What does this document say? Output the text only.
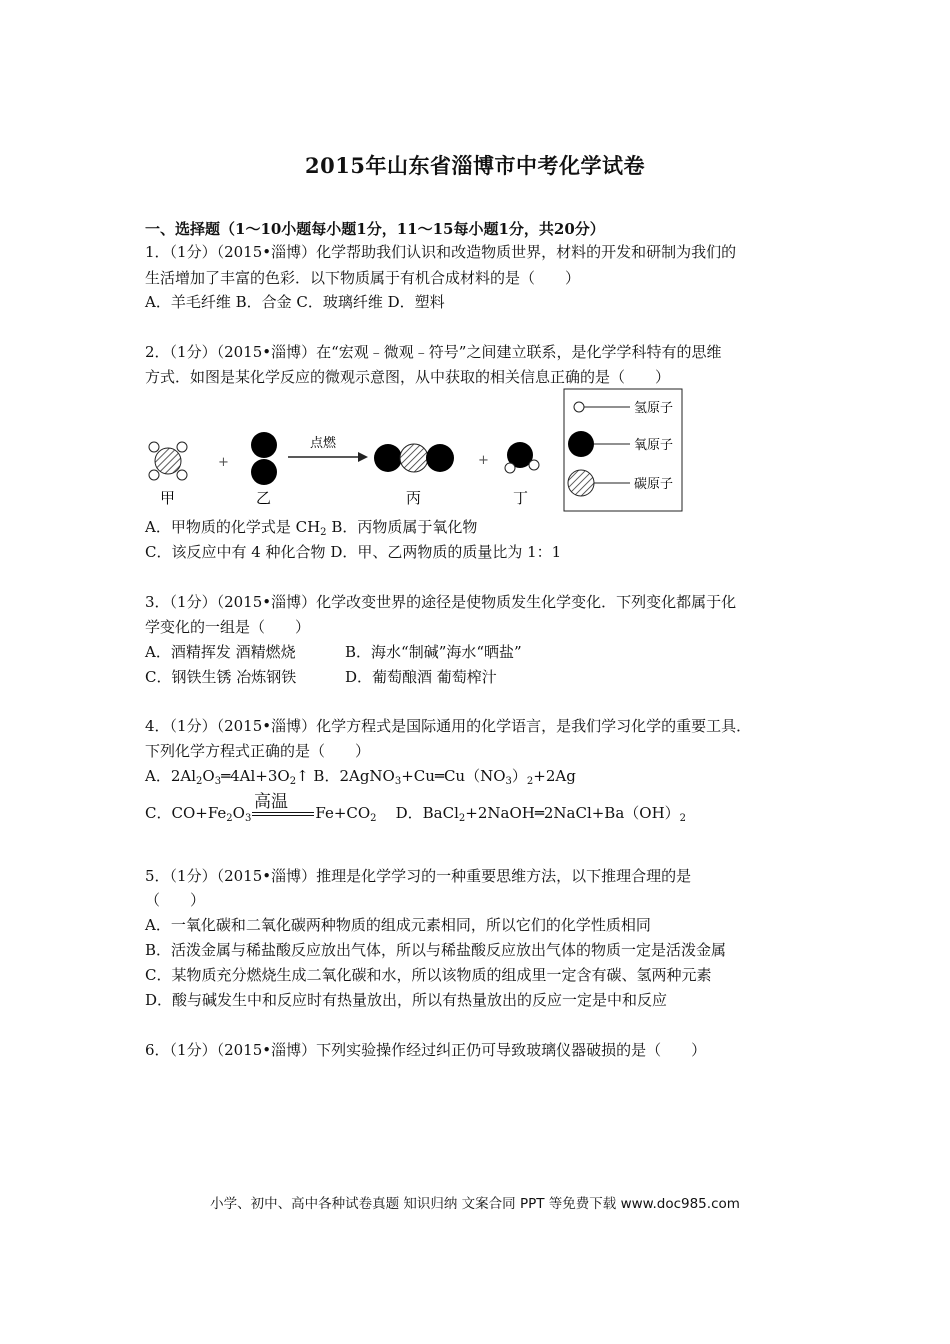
2015年山东省淄博市中考化学试卷
一、选择题（1～10小题每小题1分，11～15每小题1分，共20分）
1．（1分）（2015•淄博）化学帮助我们认识和改造物质世界，材料的开发和研制为我们的
生活增加了丰富的色彩．以下物质属于有机合成材料的是（　　）
A．羊毛纤维 B．合金 C．玻璃纤维 D．塑料
2．（1分）（2015•淄博）在“宏观﹣微观﹣符号”之间建立联系，是化学学科特有的思维
方式．如图是某化学反应的微观示意图，从中获取的相关信息正确的是（　　）
+
点燃
+
甲	乙	丙	丁
氢原子
氧原子
碳原子
A．甲物质的化学式是 $CH_2$ B．丙物质属于氧化物
C．该反应中有 4 种化合物 D．甲、乙两物质的质量比为 1：1
3．（1分）（2015•淄博）化学改变世界的途径是使物质发生化学变化．下列变化都属于化
学变化的一组是（　　）
A．酒精挥发 酒精燃烧	B．海水“制碱”海水“晒盐”
C．钢铁生锈 冶炼钢铁	D．葡萄酿酒 葡萄榨汁
4．（1分）（2015•淄博）化学方程式是国际通用的化学语言，是我们学习化学的重要工具．
下列化学方程式正确的是（　　）
A．$2Al_2O_3═4Al+3O_2↑$ B．$2AgNO_3+Cu═Cu(NO_3)_2+2Ag$
高温
C．$CO+Fe_2O_3$	$Fe+CO_2$    D．$BaCl_2+2NaOH═2NaCl+Ba(OH)_2$
5．（1分）（2015•淄博）推理是化学学习的一种重要思维方法，以下推理合理的是
（　　）
A．一氧化碳和二氧化碳两种物质的组成元素相同，所以它们的化学性质相同
B．活泼金属与稀盐酸反应放出气体，所以与稀盐酸反应放出气体的物质一定是活泼金属
C．某物质充分燃烧生成二氧化碳和水，所以该物质的组成里一定含有碳、氢两种元素
D．酸与碱发生中和反应时有热量放出，所以有热量放出的反应一定是中和反应
6．（1分）（2015•淄博）下列实验操作经过纠正仍可导致玻璃仪器破损的是（　　）
小学、初中、高中各种试卷真题 知识归纳 文案合同 PPT 等免费下载 www.doc985.com
